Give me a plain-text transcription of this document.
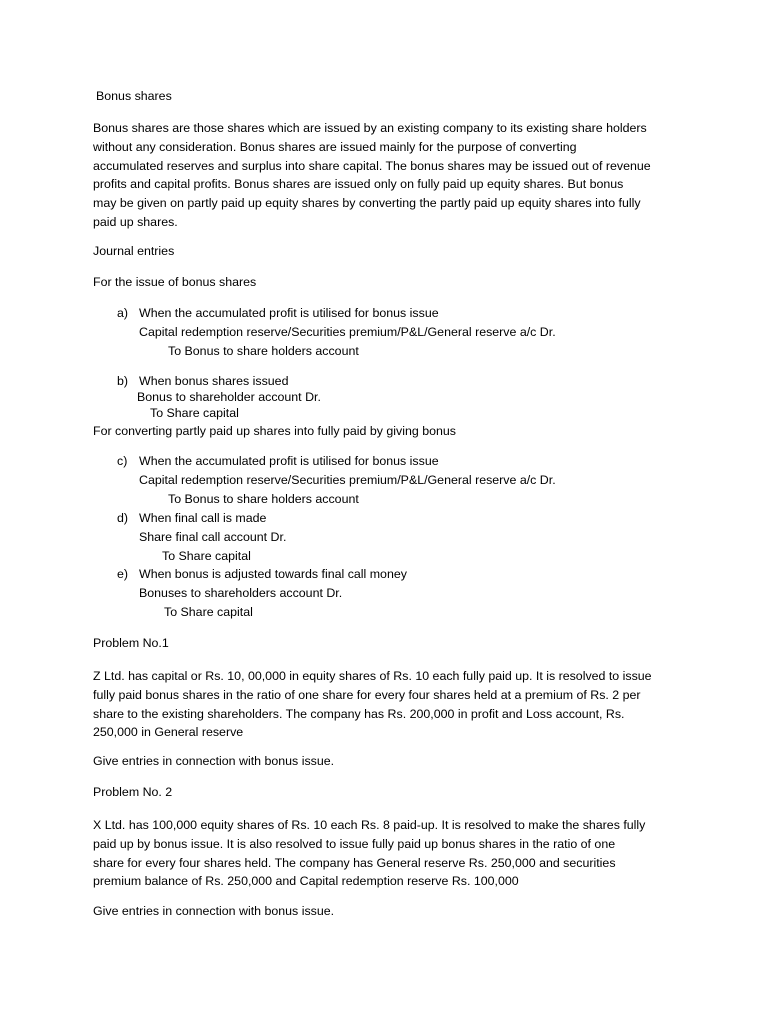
Bonus shares
Bonus shares are those shares which are issued by an existing company to its existing share holders
without any consideration. Bonus shares are issued mainly for the purpose of converting
accumulated reserves and surplus into share capital. The bonus shares may be issued out of revenue
profits and capital profits. Bonus shares are issued only on fully paid up equity shares. But bonus
may be given on partly paid up equity shares by converting the partly paid up equity shares into fully
paid up shares.
Journal entries
For the issue of bonus shares
a) When the accumulated profit is utilised for bonus issue
Capital redemption reserve/Securities premium/P&L/General reserve a/c Dr.
To Bonus to share holders account
b) When bonus shares issued
Bonus to shareholder account Dr.
To Share capital
For converting partly paid up shares into fully paid by giving bonus
c) When the accumulated profit is utilised for bonus issue
Capital redemption reserve/Securities premium/P&L/General reserve a/c Dr.
To Bonus to share holders account
d) When final call is made
Share final call account Dr.
To Share capital
e) When bonus is adjusted towards final call money
Bonuses to shareholders account Dr.
To Share capital
Problem No.1
Z Ltd. has capital or Rs. 10, 00,000 in equity shares of Rs. 10 each fully paid up. It is resolved to issue
fully paid bonus shares in the ratio of one share for every four shares held at a premium of Rs. 2 per
share to the existing shareholders. The company has Rs. 200,000 in profit and Loss account, Rs.
250,000 in General reserve
Give entries in connection with bonus issue.
Problem No. 2
X Ltd. has 100,000 equity shares of Rs. 10 each Rs. 8 paid-up. It is resolved to make the shares fully
paid up by bonus issue. It is also resolved to issue fully paid up bonus shares in the ratio of one
share for every four shares held. The company has General reserve Rs. 250,000 and securities
premium balance of Rs. 250,000 and Capital redemption reserve Rs. 100,000
Give entries in connection with bonus issue.
